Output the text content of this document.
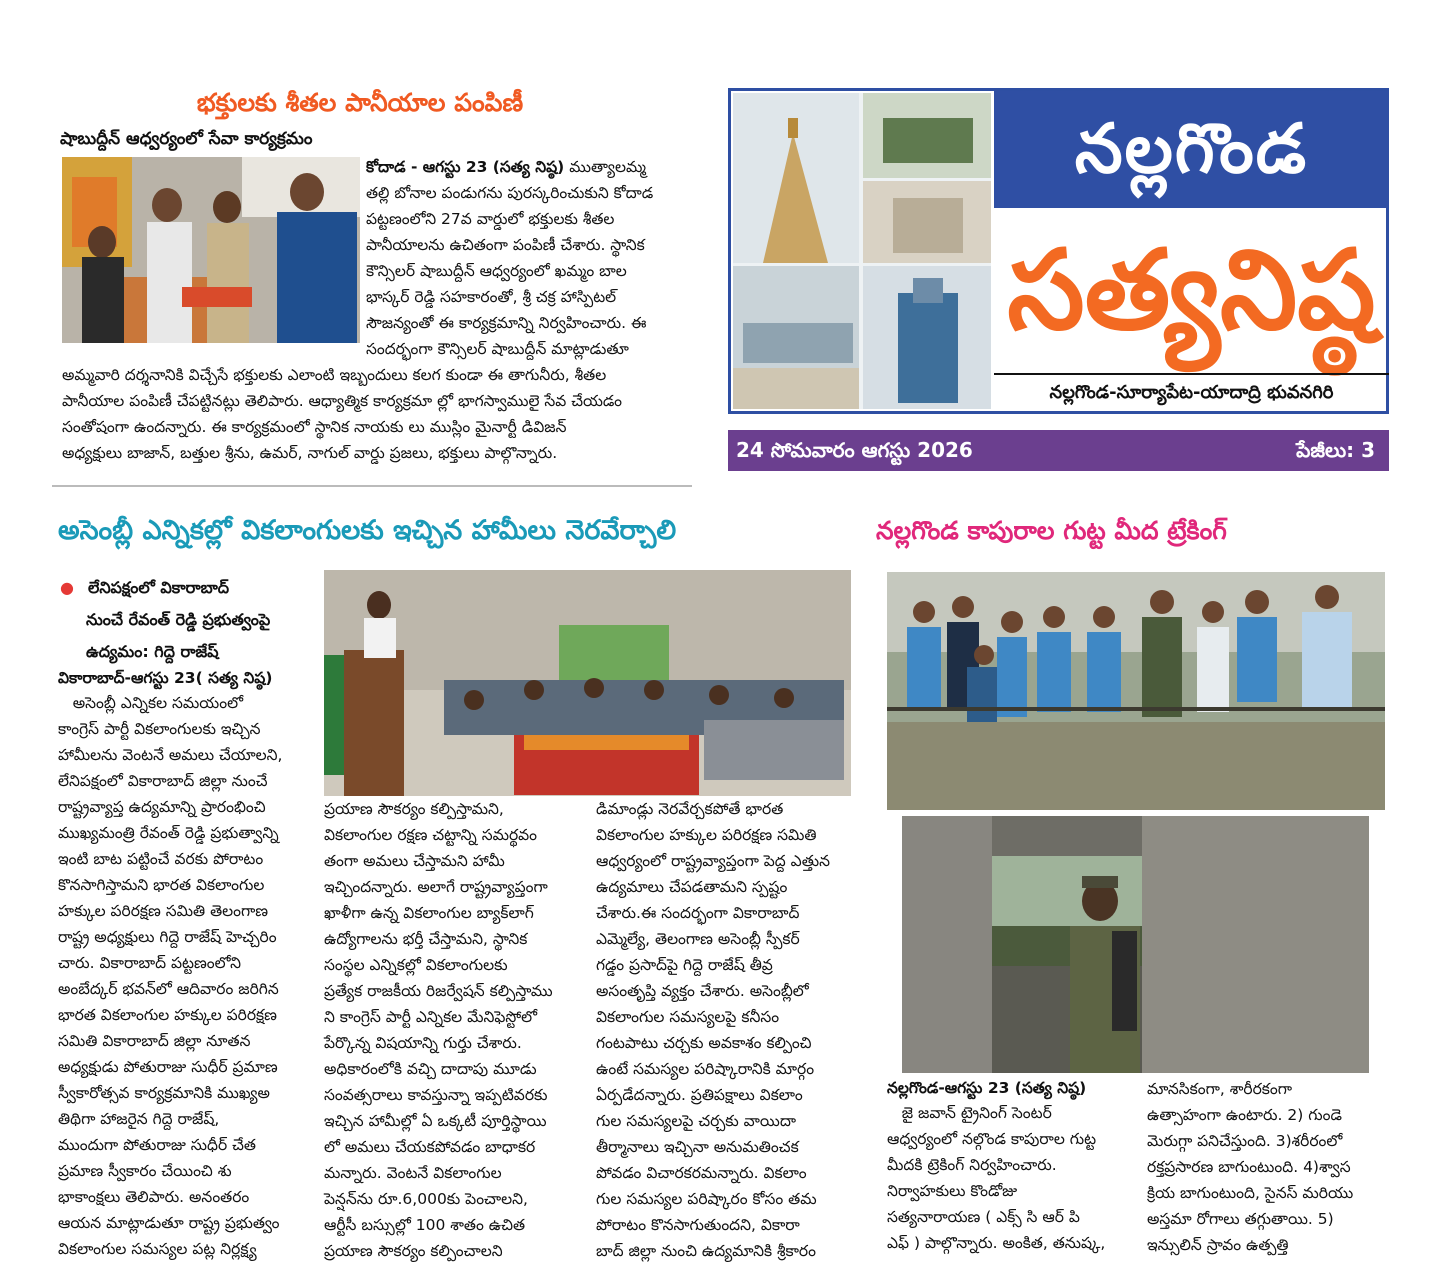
భక్తులకు శీతల పానీయాల పంపిణీ
షాబుద్దీన్ ఆధ్వర్యంలో సేవా కార్యక్రమం
కోదాడ - ఆగస్టు 23 (సత్య నిష్ఠ) ముత్యాలమ్మ
తల్లి బోనాల పండుగను పురస్కరించుకుని కోదాడ
పట్టణంలోని 27వ వార్డులో భక్తులకు శీతల
పానీయాలను ఉచితంగా పంపిణీ చేశారు. స్థానిక
కౌన్సిలర్ షాబుద్దీన్ ఆధ్వర్యంలో ఖమ్మం బాల
భాస్కర్ రెడ్డి సహకారంతో, శ్రీ చక్ర హాస్పిటల్
సౌజన్యంతో ఈ కార్యక్రమాన్ని నిర్వహించారు. ఈ
సందర్భంగా కౌన్సిలర్ షాబుద్దీన్ మాట్లాడుతూ
అమ్మవారి దర్శనానికి విచ్చేసే భక్తులకు ఎలాంటి ఇబ్బందులు కలగ కుండా ఈ తాగునీరు, శీతల
పానీయాల పంపిణీ చేపట్టినట్లు తెలిపారు. ఆధ్యాత్మిక కార్యక్రమా ల్లో భాగస్వాములై సేవ చేయడం
సంతోషంగా ఉందన్నారు. ఈ కార్యక్రమంలో స్థానిక నాయకు లు ముస్లిం మైనార్టీ డివిజన్
అధ్యక్షులు బాజాన్, బత్తుల శ్రీను, ఉమర్, నాగుల్ వార్డు ప్రజలు, భక్తులు పాల్గొన్నారు.
నల్లగొండ
సత్యనిష్ఠ
నల్లగొండ-సూర్యాపేట-యాదాద్రి భువనగిరి
24 సోమవారం ఆగస్టు 2026	పేజీలు: 3
అసెంబ్లీ ఎన్నికల్లో వికలాంగులకు ఇచ్చిన హామీలు నెరవేర్చాలి
● లేనిపక్షంలో వికారాబాద్
నుంచే రేవంత్ రెడ్డి ప్రభుత్వంపై
ఉద్యమం: గిద్దె రాజేష్
వికారాబాద్-ఆగస్టు 23( సత్య నిష్ఠ)
అసెంబ్లీ ఎన్నికల సమయంలో
కాంగ్రెస్ పార్టీ వికలాంగులకు ఇచ్చిన
హామీలను వెంటనే అమలు చేయాలని,
లేనిపక్షంలో వికారాబాద్ జిల్లా నుంచే
రాష్ట్రవ్యాప్త ఉద్యమాన్ని ప్రారంభించి
ముఖ్యమంత్రి రేవంత్ రెడ్డి ప్రభుత్వాన్ని
ఇంటి బాట పట్టించే వరకు పోరాటం
కొనసాగిస్తామని భారత వికలాంగుల
హక్కుల పరిరక్షణ సమితి తెలంగాణ
రాష్ట్ర అధ్యక్షులు గిద్దె రాజేష్ హెచ్చరిం
చారు. వికారాబాద్ పట్టణంలోని
అంబేద్కర్ భవన్‌లో ఆదివారం జరిగిన
భారత వికలాంగుల హక్కుల పరిరక్షణ
సమితి వికారాబాద్ జిల్లా నూతన
అధ్యక్షుడు పోతురాజు సుధీర్ ప్రమాణ
స్వీకారోత్సవ కార్యక్రమానికి ముఖ్యఅ
తిథిగా హాజరైన గిద్దె రాజేష్,
ముందుగా పోతురాజు సుధీర్ చేత
ప్రమాణ స్వీకారం చేయించి శు
భాకాంక్షలు తెలిపారు. అనంతరం
ఆయన మాట్లాడుతూ రాష్ట్ర ప్రభుత్వం
వికలాంగుల సమస్యల పట్ల నిర్లక్ష్య
ప్రయాణ సౌకర్యం కల్పిస్తామని,
వికలాంగుల రక్షణ చట్టాన్ని సమర్థవం
తంగా అమలు చేస్తామని హామీ
ఇచ్చిందన్నారు. అలాగే రాష్ట్రవ్యాప్తంగా
ఖాళీగా ఉన్న వికలాంగుల బ్యాక్‌లాగ్
ఉద్యోగాలను భర్తీ చేస్తామని, స్థానిక
సంస్థల ఎన్నికల్లో వికలాంగులకు
ప్రత్యేక రాజకీయ రిజర్వేషన్ కల్పిస్తాము
ని కాంగ్రెస్ పార్టీ ఎన్నికల మేనిఫెస్టోలో
పేర్కొన్న విషయాన్ని గుర్తు చేశారు.
అధికారంలోకి వచ్చి దాదాపు మూడు
సంవత్సరాలు కావస్తున్నా ఇప్పటివరకు
ఇచ్చిన హామీల్లో ఏ ఒక్కటీ పూర్తిస్థాయి
లో అమలు చేయకపోవడం బాధాకర
మన్నారు. వెంటనే వికలాంగుల
పెన్షన్‌ను రూ.6,000కు పెంచాలని,
ఆర్టీసీ బస్సుల్లో 100 శాతం ఉచిత
ప్రయాణ సౌకర్యం కల్పించాలని
డిమాండ్లు నెరవేర్చకపోతే భారత
వికలాంగుల హక్కుల పరిరక్షణ సమితి
ఆధ్వర్యంలో రాష్ట్రవ్యాప్తంగా పెద్ద ఎత్తున
ఉద్యమాలు చేపడతామని స్పష్టం
చేశారు.ఈ సందర్భంగా వికారాబాద్
ఎమ్మెల్యే, తెలంగాణ అసెంబ్లీ స్పీకర్
గడ్డం ప్రసాద్‌పై గిద్దె రాజేష్ తీవ్ర
అసంతృప్తి వ్యక్తం చేశారు. అసెంబ్లీలో
వికలాంగుల సమస్యలపై కనీసం
గంటపాటు చర్చకు అవకాశం కల్పించి
ఉంటే సమస్యల పరిష్కారానికి మార్గం
ఏర్పడేదన్నారు. ప్రతిపక్షాలు వికలాం
గుల సమస్యలపై చర్చకు వాయిదా
తీర్మానాలు ఇచ్చినా అనుమతించక
పోవడం విచారకరమన్నారు. వికలాం
గుల సమస్యల పరిష్కారం కోసం తమ
పోరాటం కొనసాగుతుందని, వికారా
బాద్ జిల్లా నుంచి ఉద్యమానికి శ్రీకారం
నల్లగొండ కాపురాల గుట్ట మీద ట్రేకింగ్
నల్లగొండ-ఆగస్టు 23 (సత్య నిష్ఠ)
జై జవాన్ ట్రైనింగ్ సెంటర్
ఆధ్వర్యంలో నల్గొండ కాపురాల గుట్ట
మీదకి ట్రెకింగ్ నిర్వహించారు.
నిర్వాహకులు కొండోజు
సత్యనారాయణ ( ఎక్స్ సి ఆర్ పి
ఎఫ్ ) పాల్గొన్నారు. అంకిత, తనుష్క,
మానసికంగా, శారీరకంగా
ఉత్సాహంగా ఉంటారు. 2) గుండె
మెరుగ్గా పనిచేస్తుంది. 3)శరీరంలో
రక్తప్రసారణ బాగుంటుంది. 4)శ్వాస
క్రియ బాగుంటుంది, సైనస్ మరియు
అస్తమా రోగాలు తగ్గుతాయి. 5)
ఇన్సులిన్ స్రావం ఉత్పత్తి
